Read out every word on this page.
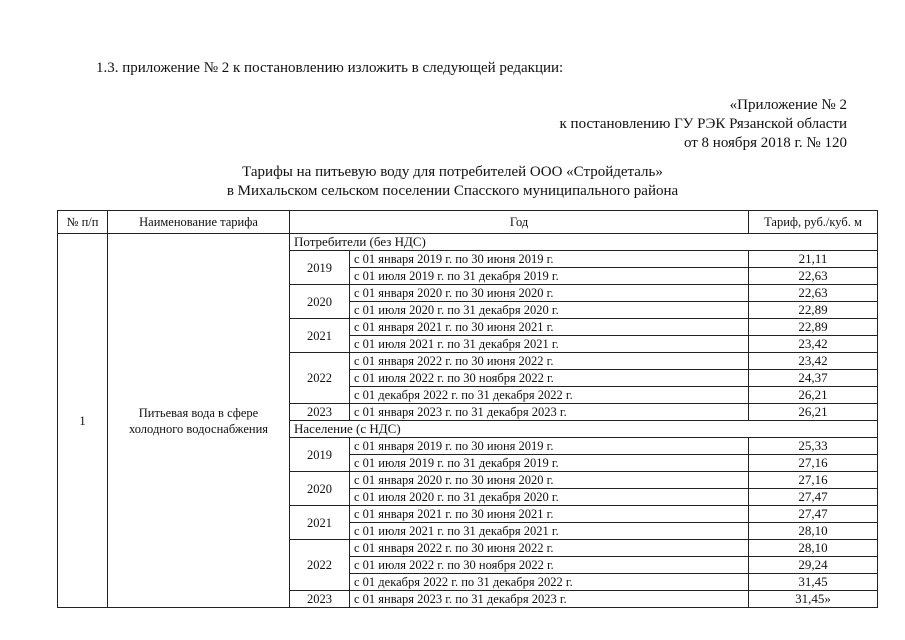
1.3. приложение № 2 к постановлению изложить в следующей редакции:
«Приложение № 2
к постановлению ГУ РЭК Рязанской области
от 8 ноября 2018 г. № 120
Тарифы на питьевую воду для потребителей ООО «Стройдеталь»
в Михальском сельском поселении Спасского муниципального района
№ п/п	Наименование тарифа	Год		Тариф, руб./куб. м
1	Питьевая вода в сфере холодного водоснабжения	Потребители (без НДС)		
		2019	с 01 января 2019 г. по 30 июня 2019 г.	21,11
			с 01 июля 2019 г. по 31 декабря 2019 г.	22,63
		2020	с 01 января 2020 г. по 30 июня 2020 г.	22,63
			с 01 июля 2020 г. по 31 декабря 2020 г.	22,89
		2021	с 01 января 2021 г. по 30 июня 2021 г.	22,89
			с 01 июля 2021 г. по 31 декабря 2021 г.	23,42
		2022	с 01 января 2022 г. по 30 июня 2022 г.	23,42
			с 01 июля 2022 г. по 30 ноября 2022 г.	24,37
			с 01 декабря 2022 г. по 31 декабря 2022 г.	26,21
		2023	с 01 января 2023 г. по 31 декабря 2023 г.	26,21
		Население (с НДС)		
		2019	с 01 января 2019 г. по 30 июня 2019 г.	25,33
			с 01 июля 2019 г. по 31 декабря 2019 г.	27,16
		2020	с 01 января 2020 г. по 30 июня 2020 г.	27,16
			с 01 июля 2020 г. по 31 декабря 2020 г.	27,47
		2021	с 01 января 2021 г. по 30 июня 2021 г.	27,47
			с 01 июля 2021 г. по 31 декабря 2021 г.	28,10
		2022	с 01 января 2022 г. по 30 июня 2022 г.	28,10
			с 01 июля 2022 г. по 30 ноября 2022 г.	29,24
			с 01 декабря 2022 г. по 31 декабря 2022 г.	31,45
		2023	с 01 января 2023 г. по 31 декабря 2023 г.	31,45»
